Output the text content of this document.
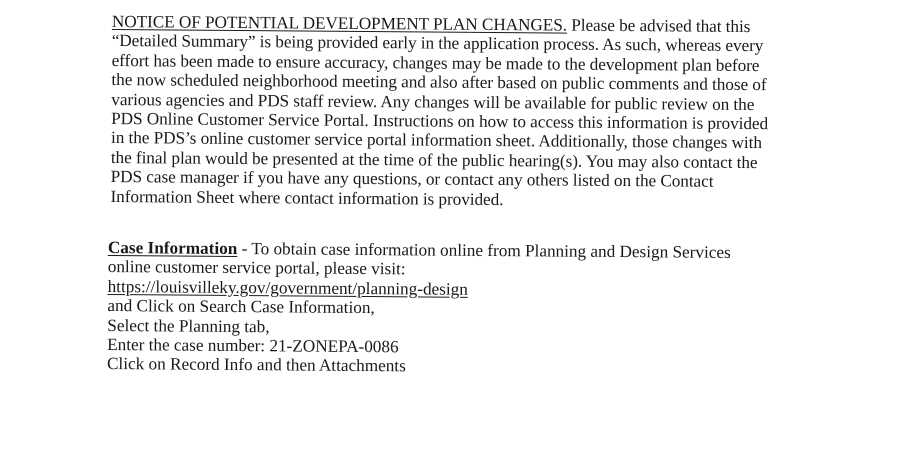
NOTICE OF POTENTIAL DEVELOPMENT PLAN CHANGES. Please be advised that this
“Detailed Summary” is being provided early in the application process. As such, whereas every
effort has been made to ensure accuracy, changes may be made to the development plan before
the now scheduled neighborhood meeting and also after based on public comments and those of
various agencies and PDS staff review. Any changes will be available for public review on the
PDS Online Customer Service Portal. Instructions on how to access this information is provided
in the PDS’s online customer service portal information sheet. Additionally, those changes with
the final plan would be presented at the time of the public hearing(s). You may also contact the
PDS case manager if you have any questions, or contact any others listed on the Contact
Information Sheet where contact information is provided.
Case Information - To obtain case information online from Planning and Design Services
online customer service portal, please visit:
https://louisvilleky.gov/government/planning-design
and Click on Search Case Information,
Select the Planning tab,
Enter the case number: 21-ZONEPA-0086
Click on Record Info and then Attachments
